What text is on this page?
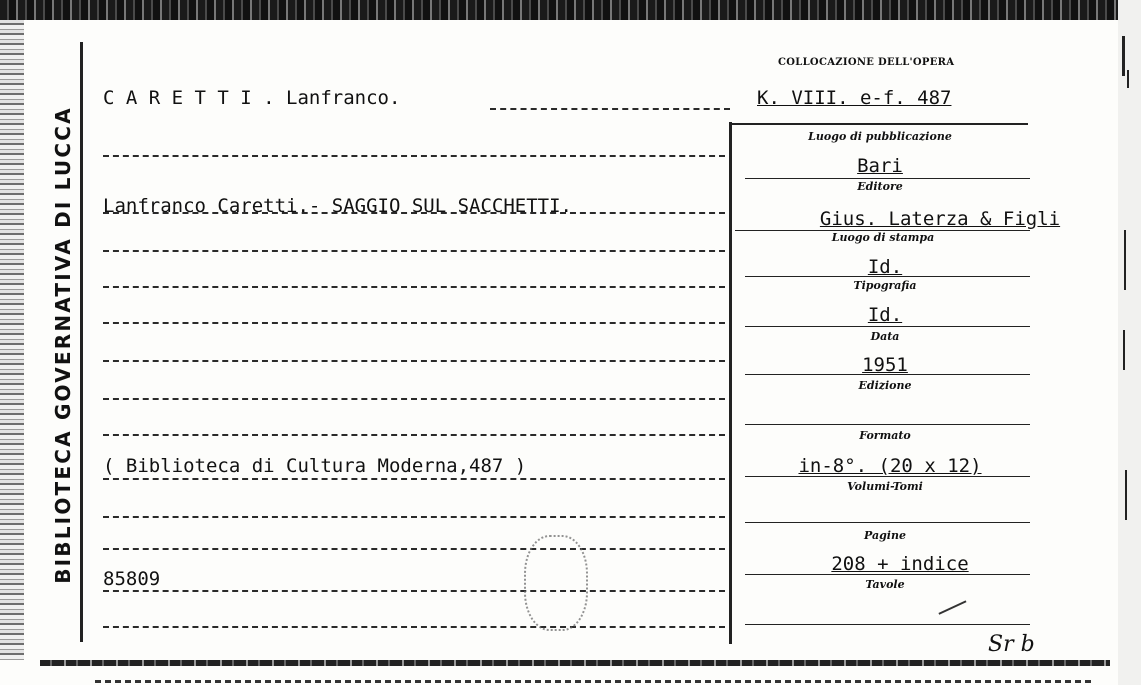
BIBLIOTECA GOVERNATIVA DI LUCCA
COLLOCAZIONE DELL'OPERA
K. VIII. e-f. 487
C A R E T T I . Lanfranco.
Lanfranco Caretti.- SAGGIO SUL SACCHETTI.
( Biblioteca di Cultura Moderna,487 )
85809
Luogo di pubblicazione
Bari
Editore
Gius. Laterza & Figli
Luogo di stampa
Id.
Tipografia
Id.
Data
1951
Edizione
Formato
in-8°. (20 x 12)
Volumi-Tomi
Pagine
208 + indice
Tavole
Sr b
